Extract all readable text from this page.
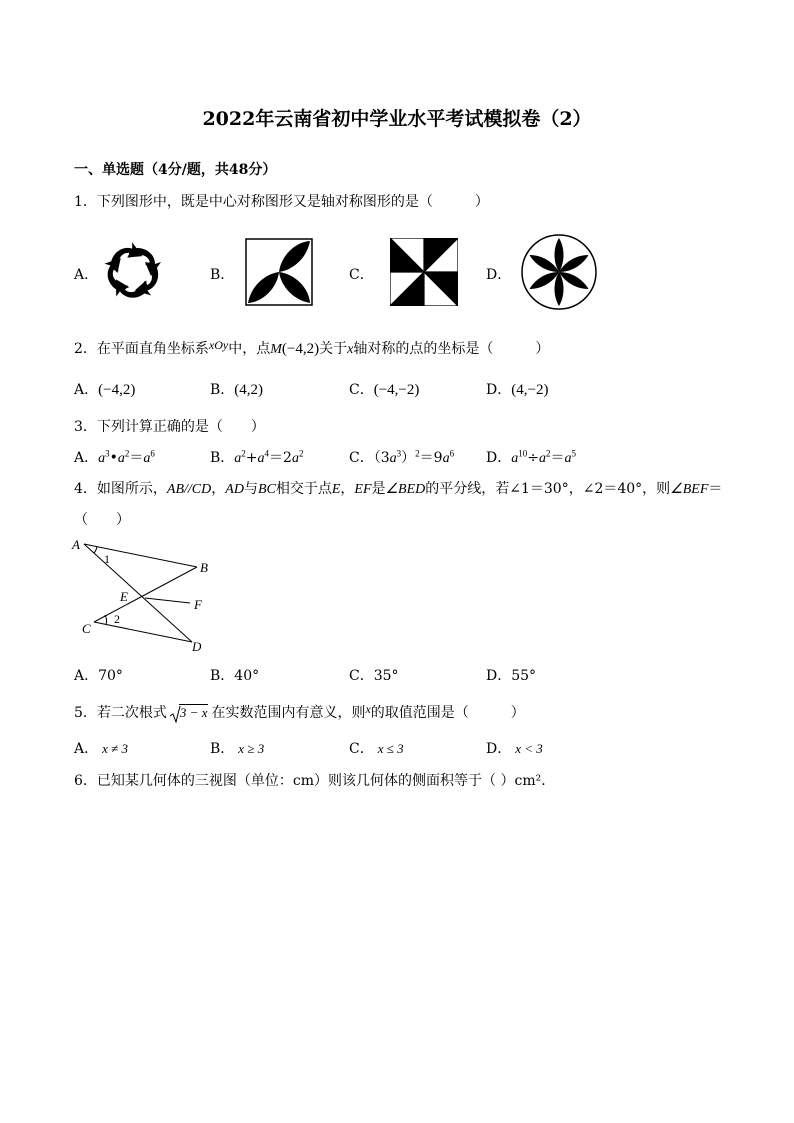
2022年云南省初中学业水平考试模拟卷（2）
一、单选题（4分/题，共48分）
1．下列图形中，既是中心对称图形又是轴对称图形的是（　　　）
A．	B．	C．	D．
2．在平面直角坐标系xOy中，点M(−4,2)关于x轴对称的点的坐标是（　　　）
A．(−4,2)	B．(4,2)	C．(−4,−2)	D．(4,−2)
3．下列计算正确的是（　　）
A．$a^3•a^2=a^6$	B．$a^2+a^4=2a^2$	C．$(3a^3)^2=9a^6$ D．$a^{10}\div a^2=a^5$
4．如图所示，AB//CD，AD与BC相交于点E，EF是∠BED的平分线，若∠1＝30°，∠2＝40°，则∠BEF＝
（　　）
A
B
C
D
E
F
1
2
A．70°	B．40°	C．35°	D．55°
5．若二次根式 3 − x 在实数范围内有意义，则x的取值范围是（　　　）
A． x ≠ 3	B． x ≥ 3	C． x ≤ 3	D． x < 3
6．已知某几何体的三视图（单位：cm）则该几何体的侧面积等于（ ）cm².
